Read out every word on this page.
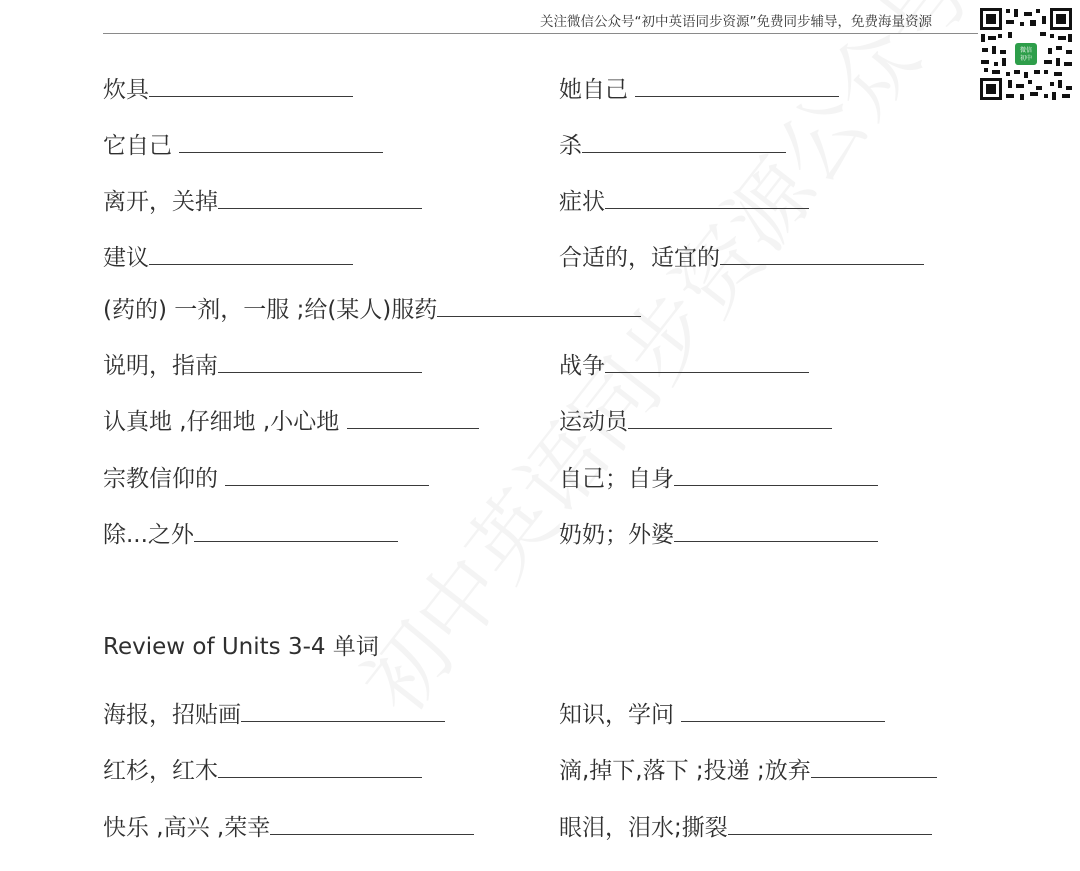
关注微信公众号“初中英语同步资源”免费同步辅导，免费海量资源
微信
初中
炊具
它自己
离开，关掉
建议
(药的) 一剂，一服 ;给(某人)服药
说明，指南
认真地 ,仔细地 ,小心地
宗教信仰的
除...之外
她自己
杀
症状
合适的，适宜的
战争
运动员
自己；自身
奶奶；外婆
Review of Units 3-4 单词
海报，招贴画
红杉，红木
快乐 ,高兴 ,荣幸
知识，学问
滴,掉下,落下 ;投递 ;放弃
眼泪，泪水;撕裂
